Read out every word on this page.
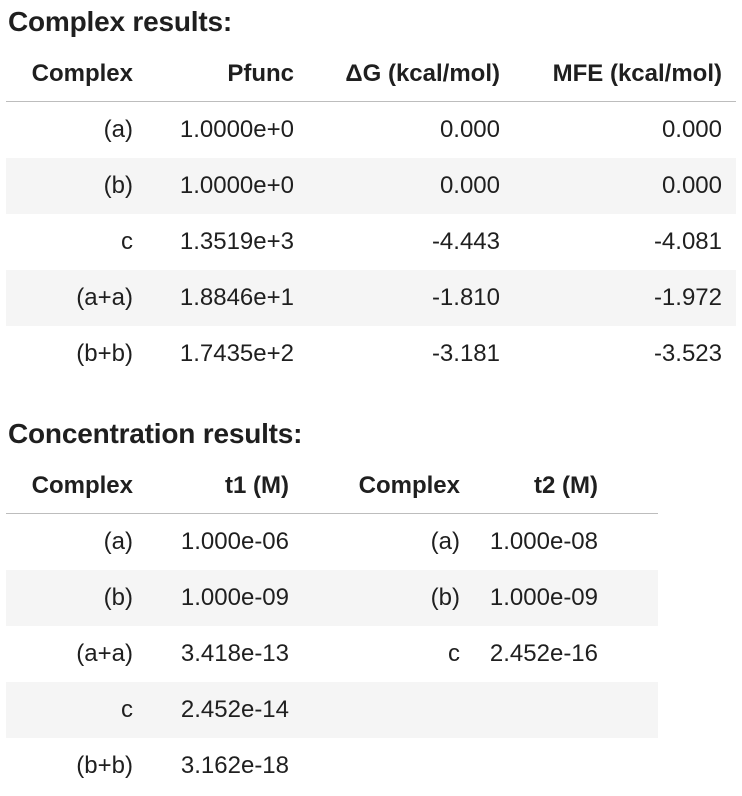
Complex results:
Complex	Pfunc	ΔG (kcal/mol)	MFE (kcal/mol)
(a)	1.0000e+0	0.000	0.000
(b)	1.0000e+0	0.000	0.000
c	1.3519e+3	-4.443	-4.081
(a+a)	1.8846e+1	-1.810	-1.972
(b+b)	1.7435e+2	-3.181	-3.523
Concentration results:
Complex	t1 (M)	Complex	t2 (M)	
(a)	1.000e-06	(a)	1.000e-08	
(b)	1.000e-09	(b)	1.000e-09	
(a+a)	3.418e-13	c	2.452e-16	
c	2.452e-14			
(b+b)	3.162e-18			
